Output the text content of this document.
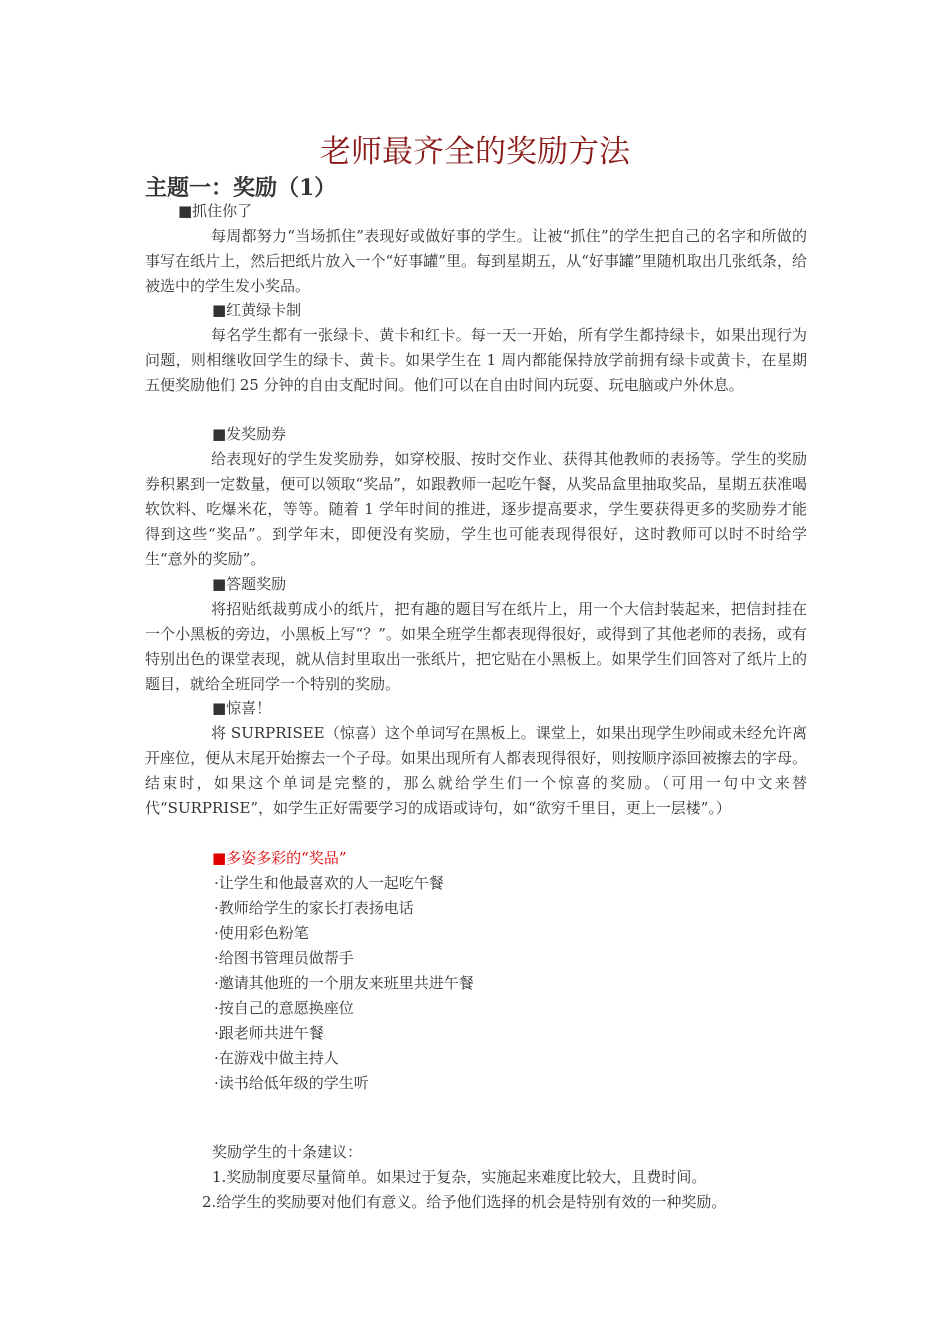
老师最齐全的奖励方法
主题一：奖励（1）
■抓住你了

每周都努力“当场抓住”表现好或做好事的学生。让被“抓住”的学生把自己的名字和所做的事写在纸片上，然后把纸片放入一个“好事罐”里。每到星期五，从“好事罐”里随机取出几张纸条，给被选中的学生发小奖品。

■红黄绿卡制

每名学生都有一张绿卡、黄卡和红卡。每一天一开始，所有学生都持绿卡，如果出现行为问题，则相继收回学生的绿卡、黄卡。如果学生在 1 周内都能保持放学前拥有绿卡或黄卡，在星期五便奖励他们 25 分钟的自由支配时间。他们可以在自由时间内玩耍、玩电脑或户外休息。

■发奖励券

给表现好的学生发奖励券，如穿校服、按时交作业、获得其他教师的表扬等。学生的奖励券积累到一定数量，便可以领取“奖品”，如跟教师一起吃午餐，从奖品盒里抽取奖品，星期五获准喝软饮料、吃爆米花，等等。随着 1 学年时间的推进，逐步提高要求，学生要获得更多的奖励券才能得到这些“奖品”。到学年末，即便没有奖励，学生也可能表现得很好，这时教师可以时不时给学生“意外的奖励”。

■答题奖励

将招贴纸裁剪成小的纸片，把有趣的题目写在纸片上，用一个大信封装起来，把信封挂在一个小黑板的旁边，小黑板上写“？”。如果全班学生都表现得很好，或得到了其他老师的表扬，或有特别出色的课堂表现，就从信封里取出一张纸片，把它贴在小黑板上。如果学生们回答对了纸片上的题目，就给全班同学一个特别的奖励。

■惊喜！

将 SURPRISEE（惊喜）这个单词写在黑板上。课堂上，如果出现学生吵闹或未经允许离开座位，便从末尾开始擦去一个子母。如果出现所有人都表现得很好，则按顺序添回被擦去的字母。结束时，如果这个单词是完整的，那么就给学生们一个惊喜的奖励。（可用一句中文来替代“SURPRISE”，如学生正好需要学习的成语或诗句，如“欲穷千里目，更上一层楼”。）

■多姿多彩的“奖品”
·让学生和他最喜欢的人一起吃午餐
·教师给学生的家长打表扬电话
·使用彩色粉笔
·给图书管理员做帮手
·邀请其他班的一个朋友来班里共进午餐
·按自己的意愿换座位
·跟老师共进午餐
·在游戏中做主持人
·读书给低年级的学生听
奖励学生的十条建议：
1.奖励制度要尽量简单。如果过于复杂，实施起来难度比较大，且费时间。
2.给学生的奖励要对他们有意义。给予他们选择的机会是特别有效的一种奖励。
